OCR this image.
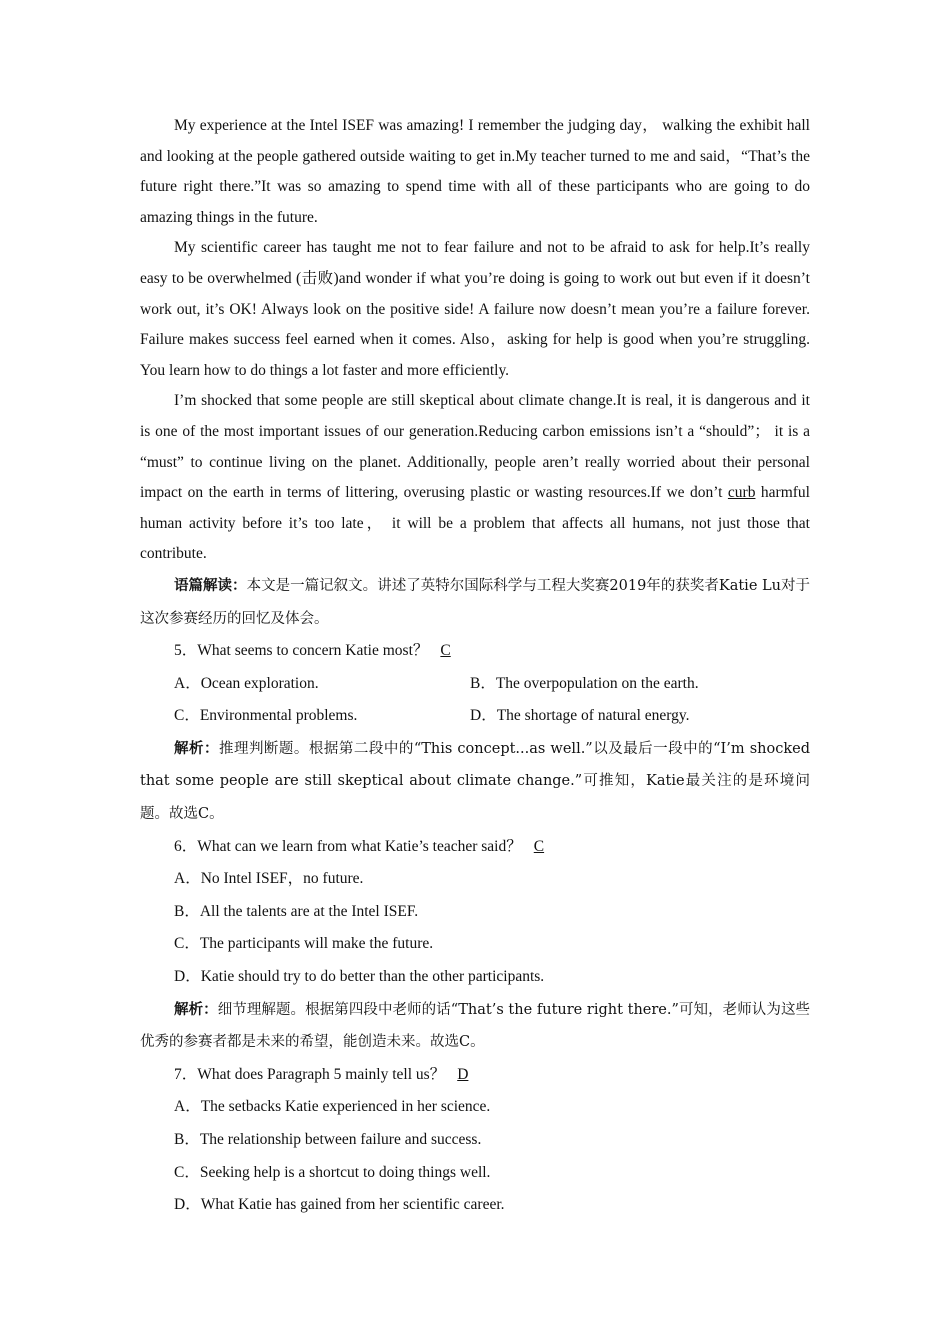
My experience at the Intel ISEF was amazing! I remember the judging day， walking the exhibit hall and looking at the people gathered outside waiting to get in.My teacher turned to me and said，“That’s the future right there.”It was so amazing to spend time with all of these participants who are going to do amazing things in the future.

My scientific career has taught me not to fear failure and not to be afraid to ask for help.It’s really easy to be overwhelmed (击败)and wonder if what you’re doing is going to work out but even if it doesn’t work out, it’s OK! Always look on the positive side! A failure now doesn’t mean you’re a failure forever. Failure makes success feel earned when it comes. Also，asking for help is good when you’re struggling. You learn how to do things a lot faster and more efficiently.

I’m shocked that some people are still skeptical about climate change.It is real, it is dangerous and it is one of the most important issues of our generation.Reducing carbon emissions isn’t a “should”； it is a “must” to continue living on the planet. Additionally, people aren’t really worried about their personal impact on the earth in terms of littering, overusing plastic or wasting resources.If we don’t curb harmful human activity before it’s too late， it will be a problem that affects all humans, not just those that contribute.

语篇解读：本文是一篇记叙文。讲述了英特尔国际科学与工程大奖赛2019年的获奖者Katie Lu对于这次参赛经历的回忆及体会。

5．What seems to concern Katie most？ C

A．Ocean exploration.	B．The overpopulation on the earth.
C．Environmental problems.	D．The shortage of natural energy.

解析：推理判断题。根据第二段中的“This concept...as well.”以及最后一段中的“I’m shocked that some people are still skeptical about climate change.”可推知，Katie最关注的是环境问题。故选C。

6．What can we learn from what Katie’s teacher said？ C

A．No Intel ISEF，no future.

B．All the talents are at the Intel ISEF.

C．The participants will make the future.

D．Katie should try to do better than the other participants.

解析：细节理解题。根据第四段中老师的话“That’s the future right there.”可知，老师认为这些优秀的参赛者都是未来的希望，能创造未来。故选C。

7．What does Paragraph 5 mainly tell us？ D

A．The setbacks Katie experienced in her science.

B．The relationship between failure and success.

C．Seeking help is a shortcut to doing things well.

D．What Katie has gained from her scientific career.
